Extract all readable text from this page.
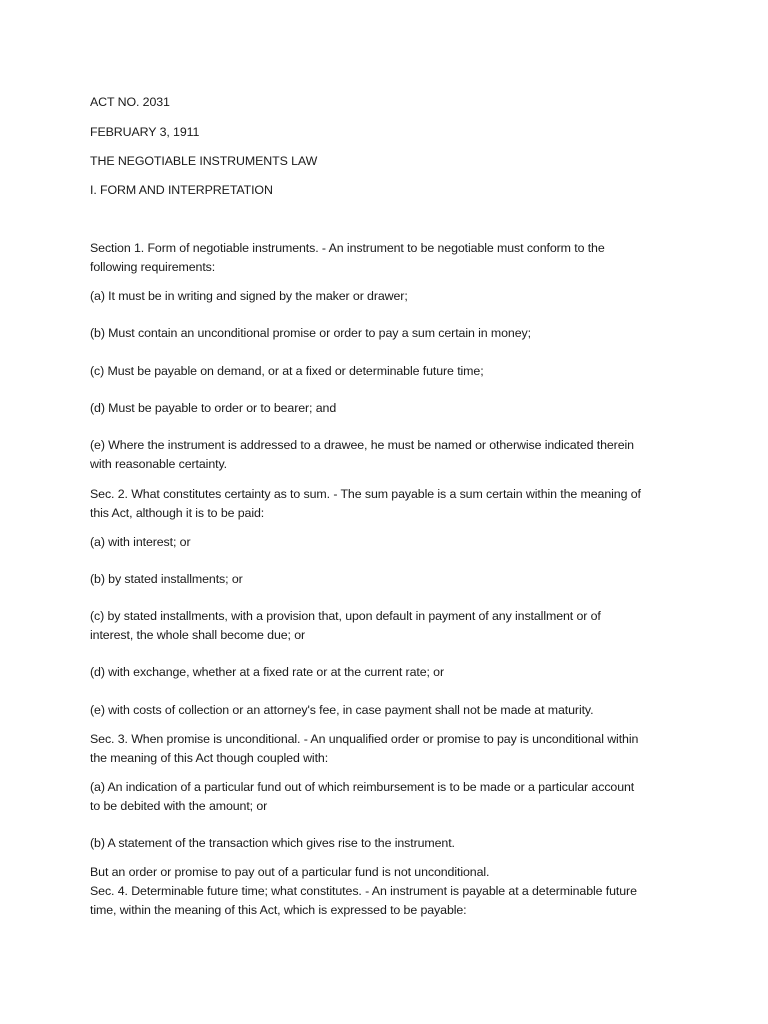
ACT NO. 2031

FEBRUARY 3, 1911

THE NEGOTIABLE INSTRUMENTS LAW

I. FORM AND INTERPRETATION

Section 1. Form of negotiable instruments. - An instrument to be negotiable must conform to the

following requirements:

(a) It must be in writing and signed by the maker or drawer;

(b) Must contain an unconditional promise or order to pay a sum certain in money;

(c) Must be payable on demand, or at a fixed or determinable future time;

(d) Must be payable to order or to bearer; and

(e) Where the instrument is addressed to a drawee, he must be named or otherwise indicated therein

with reasonable certainty.

Sec. 2. What constitutes certainty as to sum. - The sum payable is a sum certain within the meaning of

this Act, although it is to be paid:

(a) with interest; or

(b) by stated installments; or

(c) by stated installments, with a provision that, upon default in payment of any installment or of

interest, the whole shall become due; or

(d) with exchange, whether at a fixed rate or at the current rate; or

(e) with costs of collection or an attorney's fee, in case payment shall not be made at maturity.

Sec. 3. When promise is unconditional. - An unqualified order or promise to pay is unconditional within

the meaning of this Act though coupled with:

(a) An indication of a particular fund out of which reimbursement is to be made or a particular account

to be debited with the amount; or

(b) A statement of the transaction which gives rise to the instrument.

But an order or promise to pay out of a particular fund is not unconditional.

Sec. 4. Determinable future time; what constitutes. - An instrument is payable at a determinable future

time, within the meaning of this Act, which is expressed to be payable:
